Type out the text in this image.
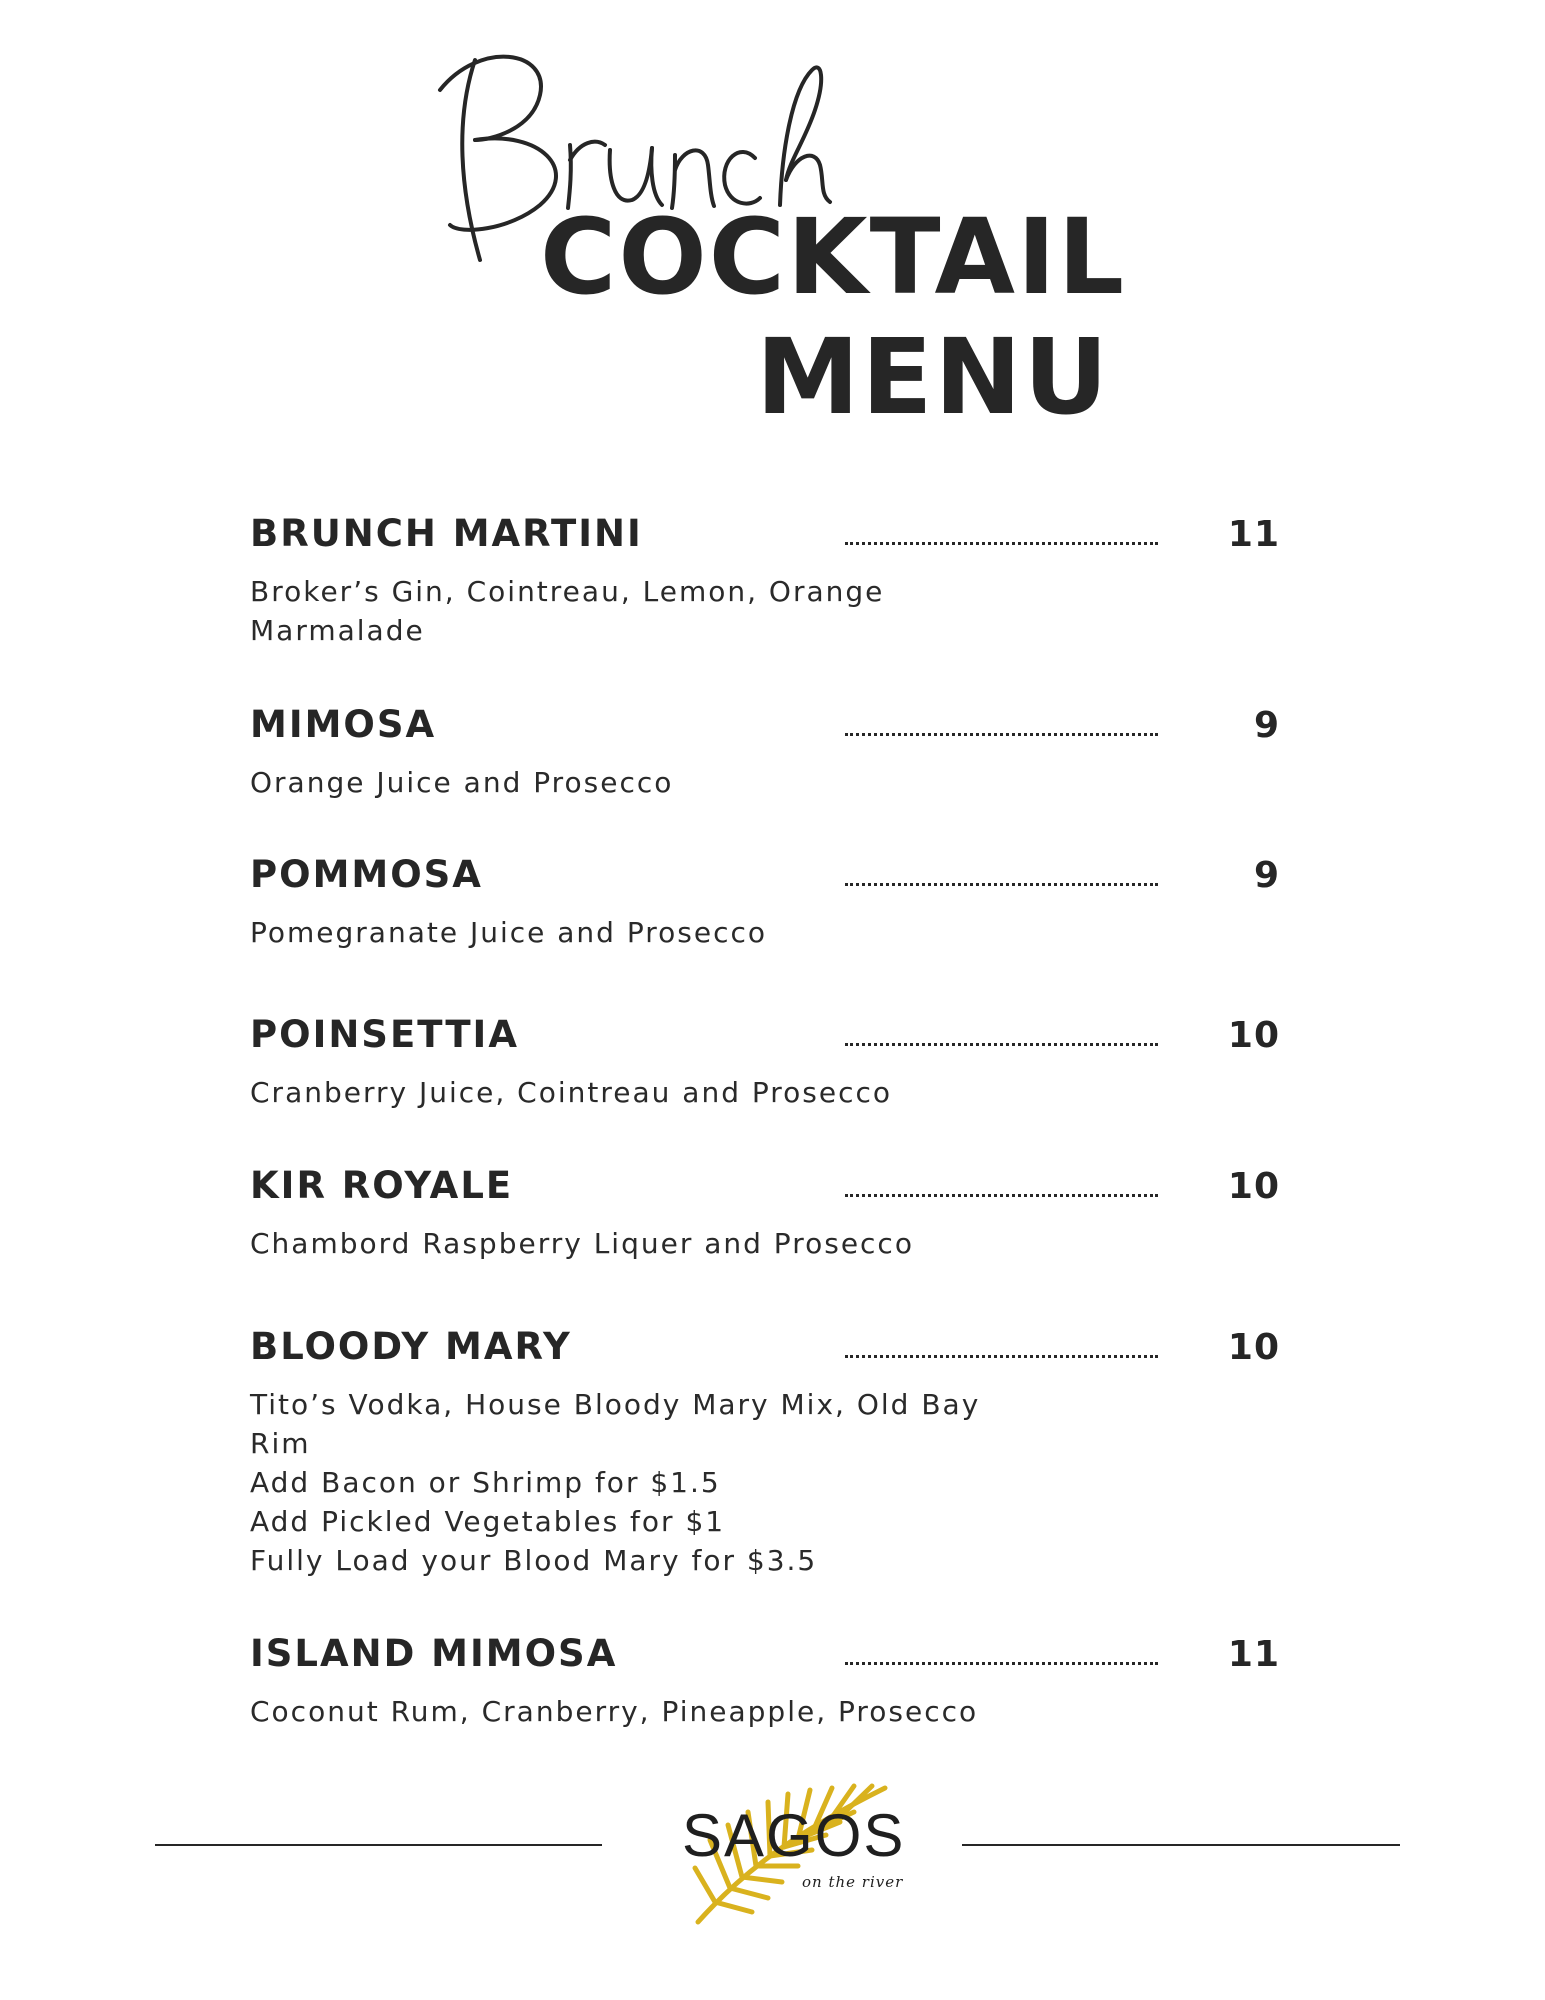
COCKTAIL
MENU
BRUNCH MARTINI	11
Broker’s Gin, Cointreau, Lemon, Orange
Marmalade
MIMOSA	9
Orange Juice and Prosecco
POMMOSA	9
Pomegranate Juice and Prosecco
POINSETTIA	10
Cranberry Juice, Cointreau and Prosecco
KIR ROYALE	10
Chambord Raspberry Liquer and Prosecco
BLOODY MARY	10
Tito’s Vodka, House Bloody Mary Mix, Old Bay
Rim
Add Bacon or Shrimp for $1.5
Add Pickled Vegetables for $1
Fully Load your Blood Mary for $3.5
ISLAND MIMOSA	11
Coconut Rum, Cranberry, Pineapple, Prosecco
SAGOS
on the river
